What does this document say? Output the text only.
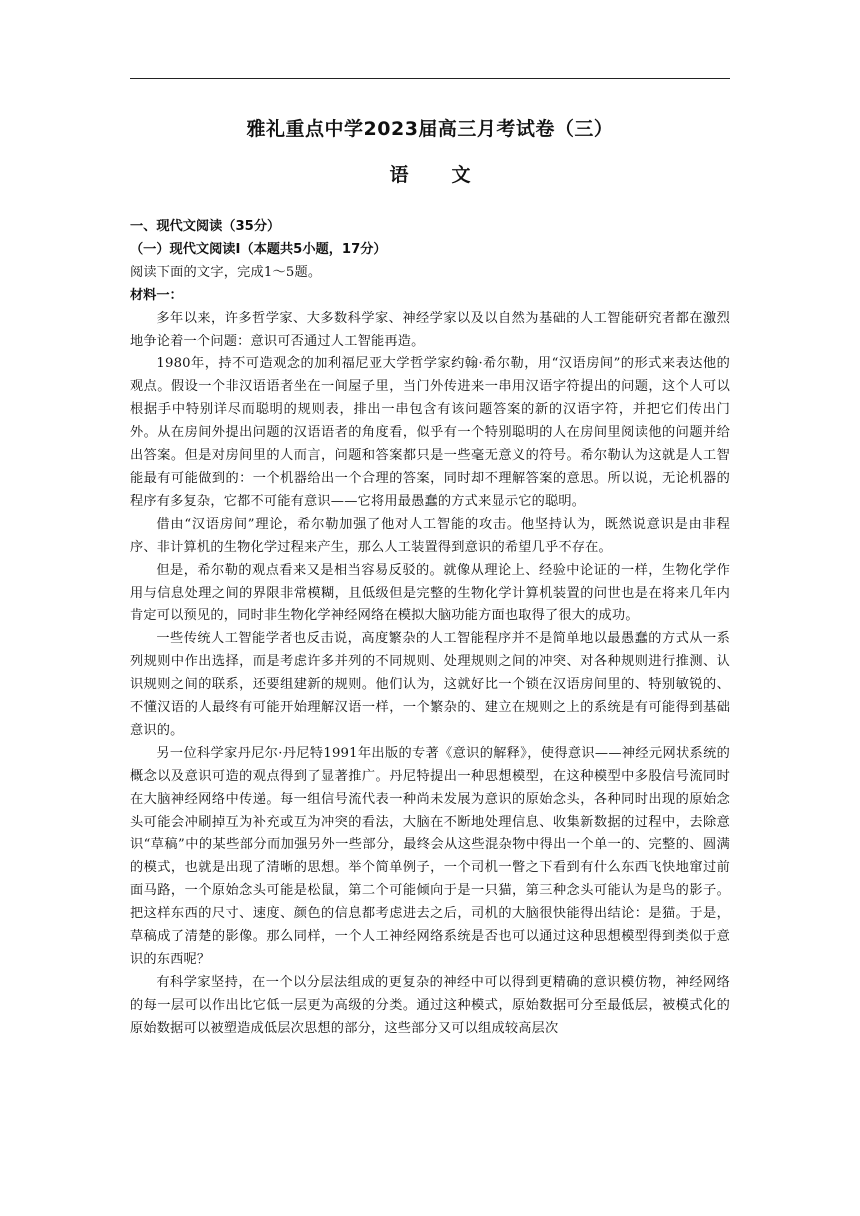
雅礼重点中学2023届高三月考试卷（三）
语　文

一、现代文阅读（35分）

（一）现代文阅读Ⅰ（本题共5小题，17分）

阅读下面的文字，完成1～5题。

材料一：

多年以来，许多哲学家、大多数科学家、神经学家以及以自然为基础的人工智能研究者都在激烈地争论着一个问题：意识可否通过人工智能再造。

1980年，持不可造观念的加利福尼亚大学哲学家约翰·希尔勒，用“汉语房间”的形式来表达他的观点。假设一个非汉语语者坐在一间屋子里，当门外传进来一串用汉语字符提出的问题，这个人可以根据手中特别详尽而聪明的规则表，排出一串包含有该问题答案的新的汉语字符，并把它们传出门外。从在房间外提出问题的汉语语者的角度看，似乎有一个特别聪明的人在房间里阅读他的问题并给出答案。但是对房间里的人而言，问题和答案都只是一些毫无意义的符号。希尔勒认为这就是人工智能最有可能做到的：一个机器给出一个合理的答案，同时却不理解答案的意思。所以说，无论机器的程序有多复杂，它都不可能有意识——它将用最愚蠢的方式来显示它的聪明。

借由“汉语房间”理论，希尔勒加强了他对人工智能的攻击。他坚持认为，既然说意识是由非程序、非计算机的生物化学过程来产生，那么人工装置得到意识的希望几乎不存在。

但是，希尔勒的观点看来又是相当容易反驳的。就像从理论上、经验中论证的一样，生物化学作用与信息处理之间的界限非常模糊，且低级但是完整的生物化学计算机装置的问世也是在将来几年内肯定可以预见的，同时非生物化学神经网络在模拟大脑功能方面也取得了很大的成功。

一些传统人工智能学者也反击说，高度繁杂的人工智能程序并不是简单地以最愚蠢的方式从一系列规则中作出选择，而是考虑许多并列的不同规则、处理规则之间的冲突、对各种规则进行推测、认识规则之间的联系，还要组建新的规则。他们认为，这就好比一个锁在汉语房间里的、特别敏锐的、不懂汉语的人最终有可能开始理解汉语一样，一个繁杂的、建立在规则之上的系统是有可能得到基础意识的。

另一位科学家丹尼尔·丹尼特1991年出版的专著《意识的解释》，使得意识——神经元网状系统的概念以及意识可造的观点得到了显著推广。丹尼特提出一种思想模型，在这种模型中多股信号流同时在大脑神经网络中传递。每一组信号流代表一种尚未发展为意识的原始念头，各种同时出现的原始念头可能会冲刷掉互为补充或互为冲突的看法，大脑在不断地处理信息、收集新数据的过程中，去除意识“草稿”中的某些部分而加强另外一些部分，最终会从这些混杂物中得出一个单一的、完整的、圆满的模式，也就是出现了清晰的思想。举个简单例子，一个司机一瞥之下看到有什么东西飞快地窜过前面马路，一个原始念头可能是松鼠，第二个可能倾向于是一只猫，第三种念头可能认为是鸟的影子。把这样东西的尺寸、速度、颜色的信息都考虑进去之后，司机的大脑很快能得出结论：是猫。于是，草稿成了清楚的影像。那么同样，一个人工神经网络系统是否也可以通过这种思想模型得到类似于意识的东西呢？

有科学家坚持，在一个以分层法组成的更复杂的神经中可以得到更精确的意识模仿物，神经网络的每一层可以作出比它低一层更为高级的分类。通过这种模式，原始数据可分至最低层，被模式化的原始数据可以被塑造成低层次思想的部分，这些部分又可以组成较高层次
